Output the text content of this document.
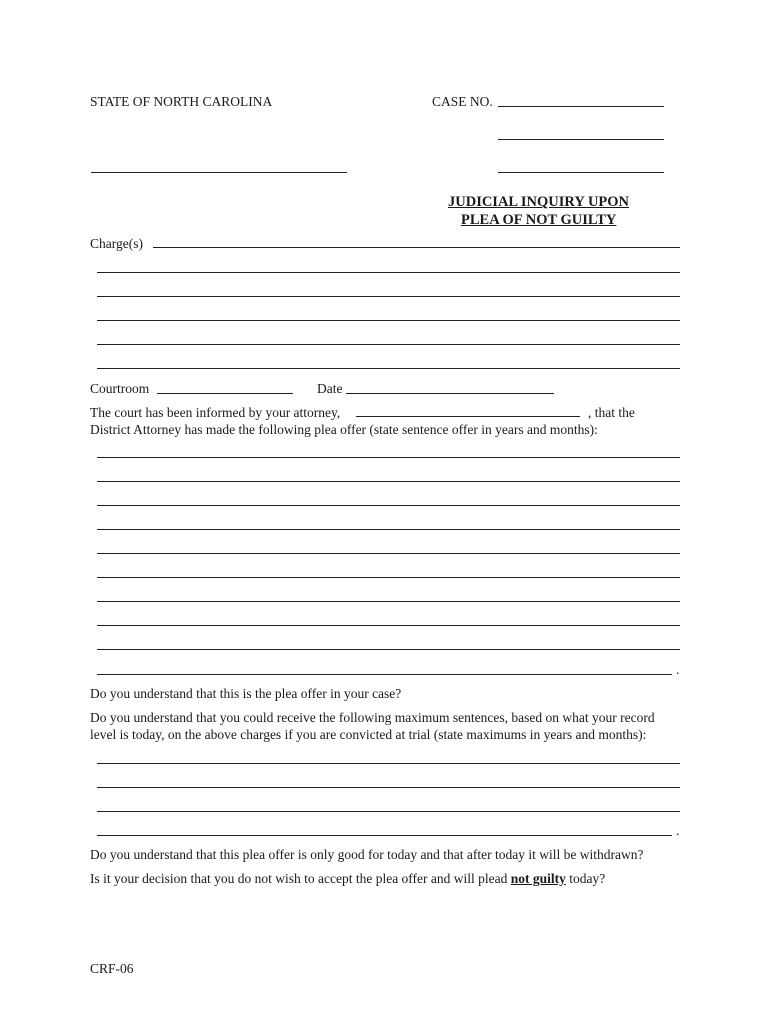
STATE OF NORTH CAROLINA	CASE NO.
JUDICIAL INQUIRY UPON
PLEA OF NOT GUILTY
Charge(s)
Courtroom	Date
The court has been informed by your attorney,	, that the
District Attorney has made the following plea offer (state sentence offer in years and months):
.
Do you understand that this is the plea offer in your case?
Do you understand that you could receive the following maximum sentences, based on what your record
level is today, on the above charges if you are convicted at trial (state maximums in years and months):
.
Do you understand that this plea offer is only good for today and that after today it will be withdrawn?
Is it your decision that you do not wish to accept the plea offer and will plead not guilty today?
CRF-06
